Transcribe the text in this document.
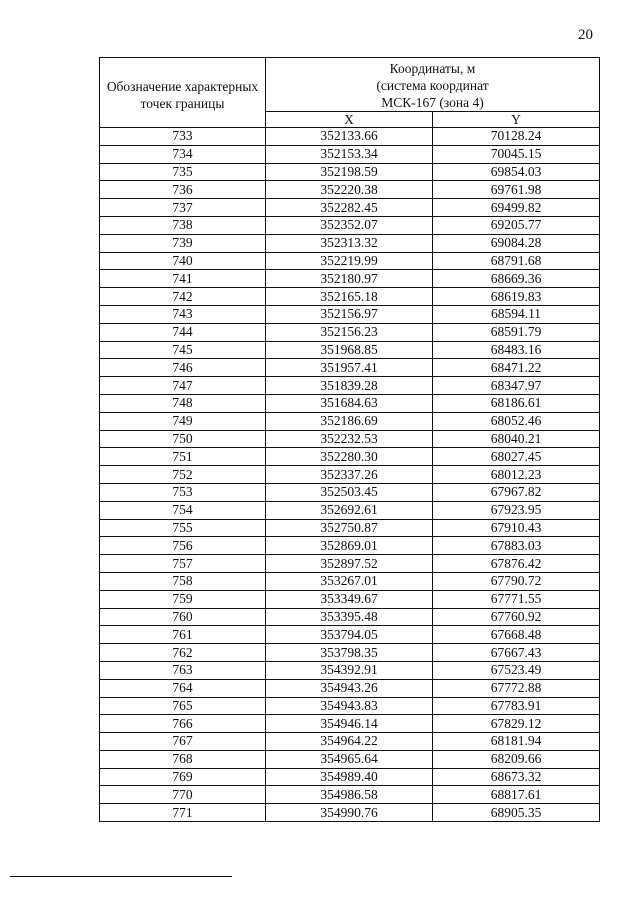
20
Обозначение характерных точек границы	Координаты, м
(система координат
МСК-167 (зона 4)	

	X	Y
733	352133.66	70128.24
734	352153.34	70045.15
735	352198.59	69854.03
736	352220.38	69761.98
737	352282.45	69499.82
738	352352.07	69205.77
739	352313.32	69084.28
740	352219.99	68791.68
741	352180.97	68669.36
742	352165.18	68619.83
743	352156.97	68594.11
744	352156.23	68591.79
745	351968.85	68483.16
746	351957.41	68471.22
747	351839.28	68347.97
748	351684.63	68186.61
749	352186.69	68052.46
750	352232.53	68040.21
751	352280.30	68027.45
752	352337.26	68012.23
753	352503.45	67967.82
754	352692.61	67923.95
755	352750.87	67910.43
756	352869.01	67883.03
757	352897.52	67876.42
758	353267.01	67790.72
759	353349.67	67771.55
760	353395.48	67760.92
761	353794.05	67668.48
762	353798.35	67667.43
763	354392.91	67523.49
764	354943.26	67772.88
765	354943.83	67783.91
766	354946.14	67829.12
767	354964.22	68181.94
768	354965.64	68209.66
769	354989.40	68673.32
770	354986.58	68817.61
771	354990.76	68905.35
